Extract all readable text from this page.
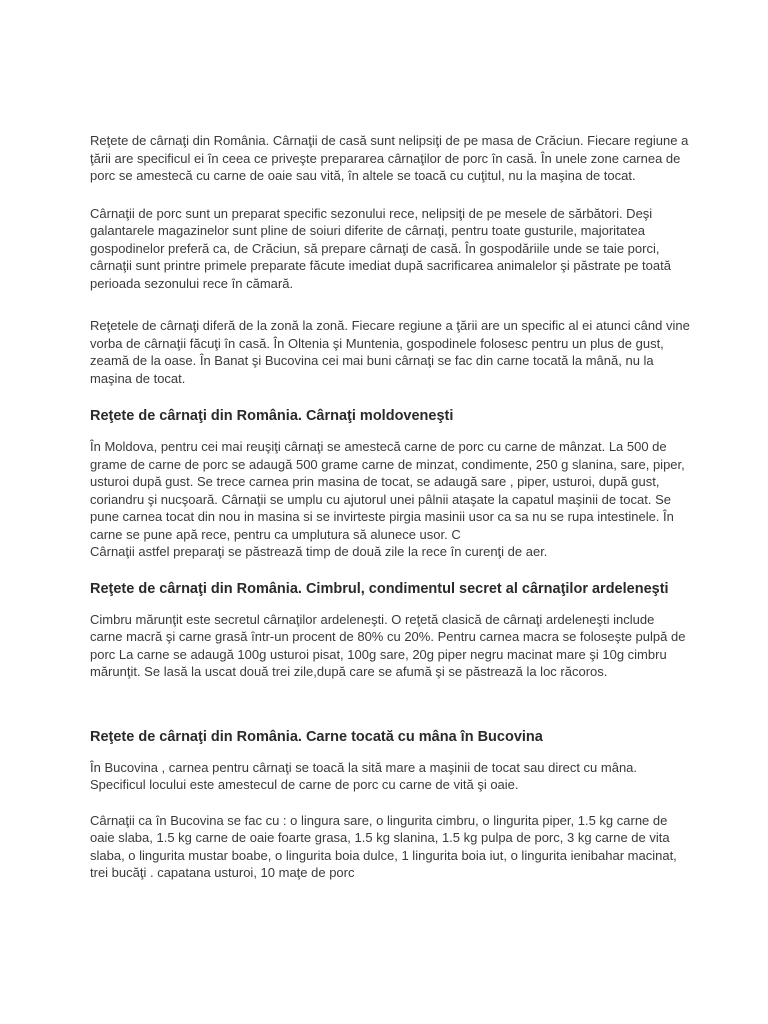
Reţete de cârnaţi din România. Cârnaţii de casă sunt nelipsiţi de pe masa de Crăciun. Fiecare regiune a ţării are specificul ei în ceea ce priveşte prepararea cârnaţilor de porc în casă. În unele zone carnea de porc se amestecă cu carne de oaie sau vită, în altele se toacă cu cuţitul, nu la maşina de tocat.

Cârnaţii de porc sunt un preparat specific sezonului rece, nelipsiţi de pe mesele de sărbători. Deşi galantarele magazinelor sunt pline de soiuri diferite de cârnaţi, pentru toate gusturile, majoritatea gospodinelor preferă ca, de Crăciun, să prepare cârnaţi de casă. În gospodăriile unde se taie porci, cârnaţii sunt printre primele preparate făcute imediat după sacrificarea animalelor şi păstrate pe toată perioada sezonului rece în cămară.

Reţetele de cârnaţi diferă de la zonă la zonă. Fiecare regiune a ţării are un specific al ei atunci când vine vorba de cârnaţii făcuţi în casă. În Oltenia şi Muntenia, gospodinele folosesc pentru un plus de gust, zeamă de la oase. În Banat şi Bucovina cei mai buni cârnaţi se fac din carne tocată la mână, nu la maşina de tocat.

Reţete de cârnaţi din România. Cârnaţi moldoveneşti

În Moldova, pentru cei mai reuşiţi cârnaţi se amestecă carne de porc cu carne de mânzat. La 500 de grame de carne de porc se adaugă 500 grame carne de minzat, condimente, 250 g slanina, sare, piper, usturoi după gust. Se trece carnea prin masina de tocat, se adaugă sare , piper, usturoi, după gust, coriandru şi nucşoară. Cârnaţii se umplu cu ajutorul unei pâlnii ataşate la capatul maşinii de tocat. Se pune carnea tocat din nou in masina si se invirteste pirgia masinii usor ca sa nu se rupa intestinele. În carne se pune apă rece, pentru ca umplutura să alunece usor. C

Cârnaţii astfel preparaţi se păstrează timp de două zile la rece în curenţi de aer.

Reţete de cârnaţi din România. Cimbrul, condimentul secret al cârnaţilor ardeleneşti

Cimbru mărunţit este secretul cârnaţilor ardeleneşti. O reţetă clasică de cârnaţi ardeleneşti include carne macră şi carne grasă într-un procent de 80% cu 20%. Pentru carnea macra se foloseşte pulpă de porc La carne se adaugă 100g usturoi pisat, 100g sare, 20g piper negru macinat mare şi 10g cimbru mărunţit. Se lasă la uscat două trei zile,după care se afumă şi se păstrează la loc răcoros.

Reţete de cârnaţi din România. Carne tocată cu mâna în Bucovina

În Bucovina , carnea pentru cârnaţi se toacă la sită mare a maşinii de tocat sau direct cu mâna. Specificul locului este amestecul de carne de porc cu carne de vită şi oaie.

Cârnaţii ca în Bucovina se fac cu : o lingura sare, o lingurita cimbru, o lingurita piper, 1.5 kg carne de oaie slaba, 1.5 kg carne de oaie foarte grasa, 1.5 kg slanina, 1.5 kg pulpa de porc, 3 kg carne de vita slaba, o lingurita mustar boabe, o lingurita boia dulce, 1 lingurita boia iut, o lingurita ienibahar macinat, trei bucăţi . capatana usturoi, 10 maţe de porc
